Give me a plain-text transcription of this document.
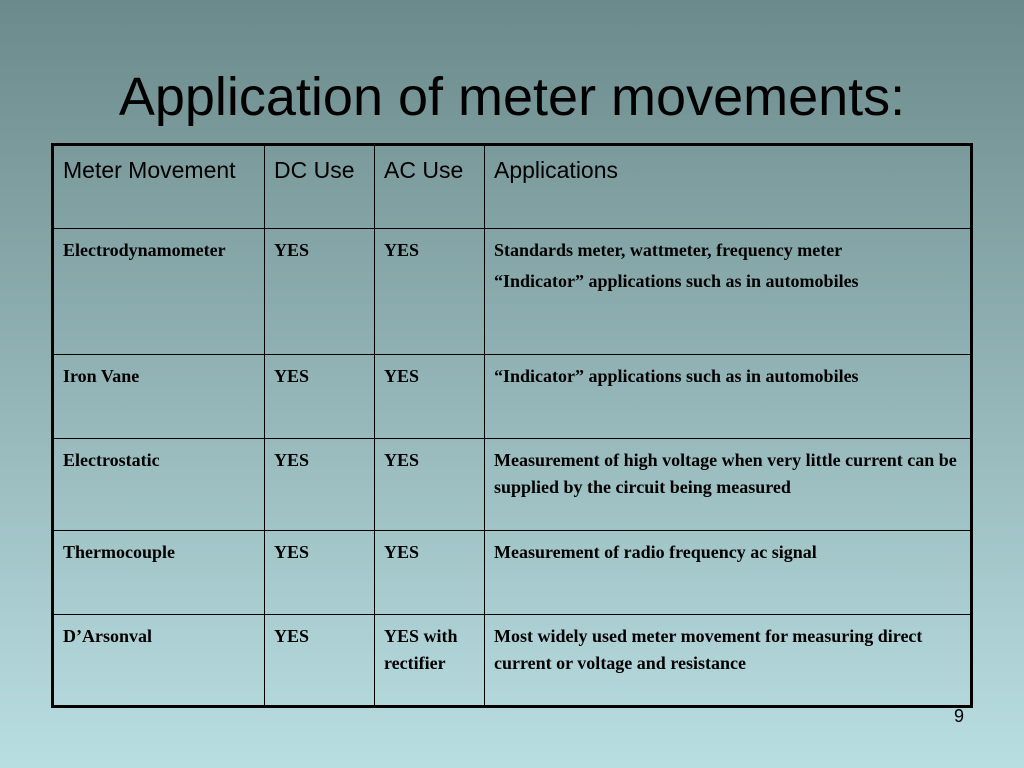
Application of meter movements:
Meter Movement	DC Use	AC Use	Applications
Electrodynamometer	YES	YES	Standards meter, wattmeter, frequency meter

“Indicator” applications such as in automobiles

Iron Vane	YES	YES	“Indicator” applications such as in automobiles

Electrostatic	YES	YES	Measurement of high voltage when very little current can be supplied by the circuit being measured

Thermocouple	YES	YES	Measurement of radio frequency ac signal

D’Arsonval	YES	YES with rectifier	Most widely used meter movement for measuring direct current or voltage and resistance

9
